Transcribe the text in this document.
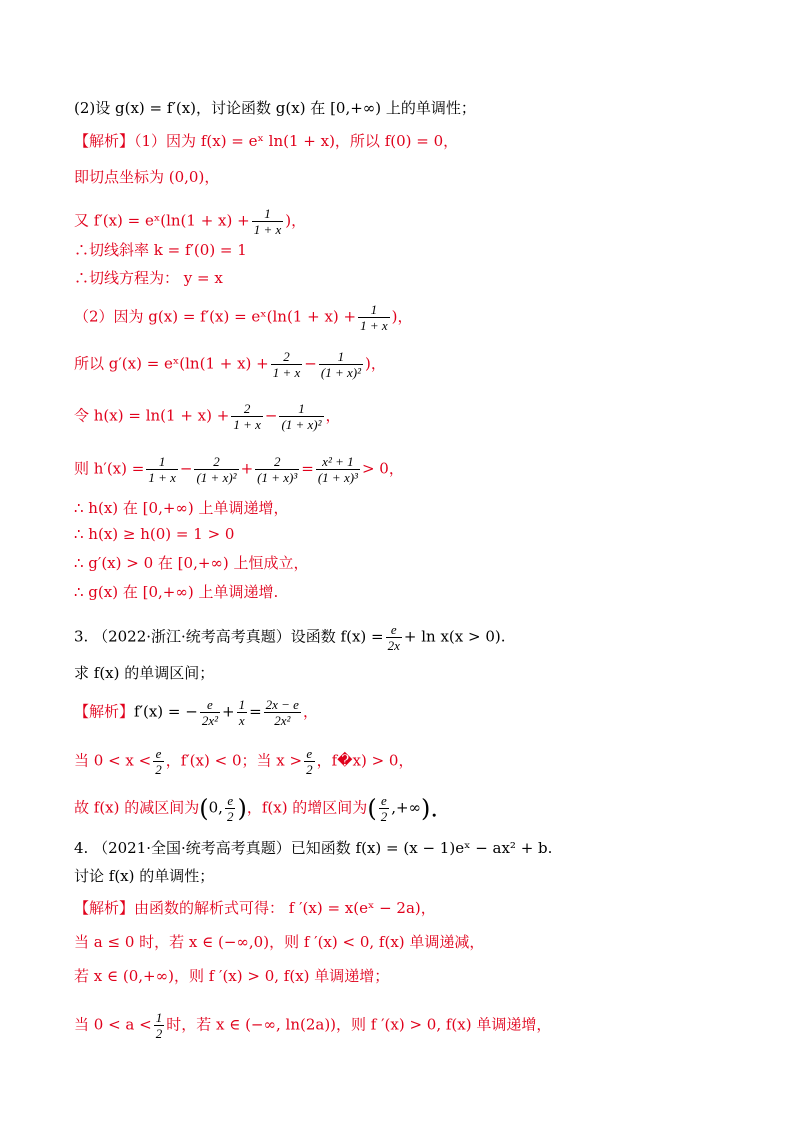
(2)设 g(x) = f′(x)，讨论函数 g(x) 在 [0,+∞) 上的单调性；
【解析】（1）因为 f(x) = eˣ ln(1 + x)，所以 f(0) = 0，
即切点坐标为 (0,0)，
又 f′(x) = eˣ(ln(1 + $x) + \frac{1}{1 + x}$ )，
∴切线斜率 k = f′(0) = 1
∴切线方程为： y = x
（2）因为 g(x) = f′(x) = eˣ(ln(1 + $x) + \frac{1}{1 + x}$ )，
所以 g′(x) = eˣ(ln(1 + $x) + \frac{2}{1 + x} - \frac{1}{\text{(1 + x)²}}$ )，
令 $h(x) = \ln(1 + x) + \frac{2}{1 + x} - \frac{1}{\text{(1 + x)²}}$ ，
则 $h'(x) = \frac{1}{1 + x} - \frac{2}{\text{(1 + x)²}} + \frac{2}{\text{(1 + x)³}} = \frac{\text{x² + 1}}{\text{(1 + x)³}} > 0$，
∴ h(x) 在 [0,+∞) 上单调递增，
∴ h(x) ≥ h(0) = 1 > 0
∴ g′(x) > 0 在 [0,+∞) 上恒成立，
∴ g(x) 在 [0,+∞) 上单调递增.
3. （2022·浙江·统考高考真题）设函数 $f(x) = \frac{e}{2x} + \ln x(x > 0)$.
求 f(x) 的单调区间；
【解析】f′(x) = − $\frac{e}{\text{2x²}} + \frac{1}{x} = \frac{2x - e}{\text{2x²}}$ ，
当 $0 < x < \frac{e}{2}$ ，f′(x) < 0；当 $x > \frac{e}{2}$ ，f�x) > 0，
故 f(x) 的减区间为(0, $\frac{e}{2}$ )，f(x) 的增区间为( $\frac{e}{2}$ ,+∞).
4. （2021·全国·统考高考真题）已知函数 f(x) = (x − 1)eˣ − ax² + b.
讨论 f(x) 的单调性；
【解析】由函数的解析式可得： f ′(x) = x(eˣ − 2a)，
当 a ≤ 0 时，若 x ∈ (−∞,0)，则 f ′(x) < 0, f(x) 单调递减，
若 x ∈ (0,+∞)，则 f ′(x) > 0, f(x) 单调递增；
当 $0 < a < \frac{1}{2}$ 时，若 x ∈ (−∞, ln(2a))，则 f ′(x) > 0, f(x) 单调递增，
